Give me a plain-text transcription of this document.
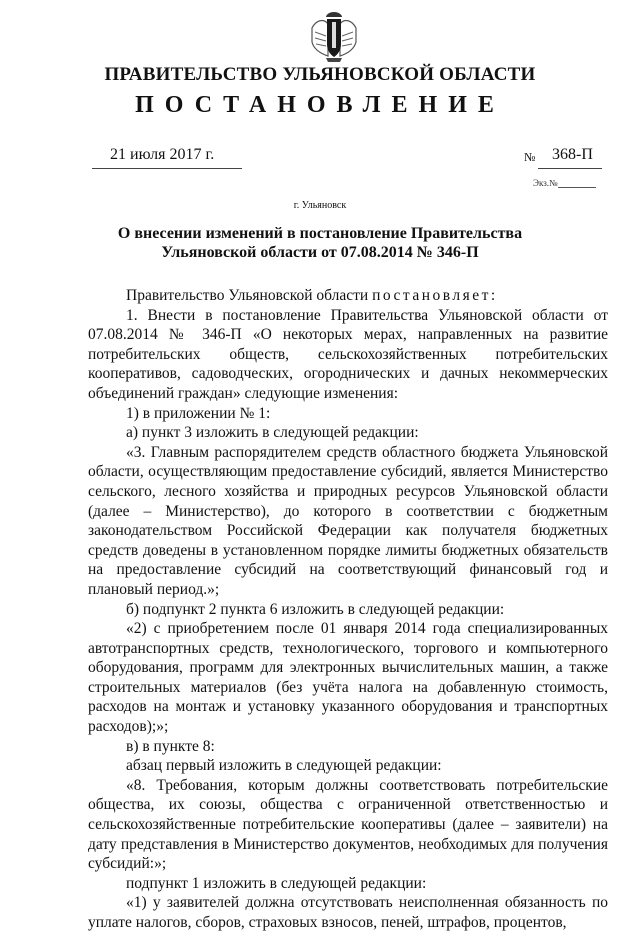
ПРАВИТЕЛЬСТВО УЛЬЯНОВСКОЙ ОБЛАСТИ
ПОСТАНОВЛЕНИЕ
21 июля 2017 г.	№ 368-П
Экз.№
г. Ульяновск
О внесении изменений в постановление Правительства
Ульяновской области от 07.08.2014 № 346-П

Правительство Ульяновской области постановляет:

1. Внести в постановление Правительства Ульяновской области от 07.08.2014 № 346-П «О некоторых мерах, направленных на развитие потребительских обществ, сельскохозяйственных потребительских кооперативов, садоводческих, огороднических и дачных некоммерческих объединений граждан» следующие изменения:

1) в приложении № 1:

а) пункт 3 изложить в следующей редакции:

«3. Главным распорядителем средств областного бюджета Ульяновской области, осуществляющим предоставление субсидий, является Министерство сельского, лесного хозяйства и природных ресурсов Ульяновской области (далее – Министерство), до которого в соответствии с бюджетным законодательством Российской Федерации как получателя бюджетных средств доведены в установленном порядке лимиты бюджетных обязательств на предоставление субсидий на соответствующий финансовый год и плановый период.»;

б) подпункт 2 пункта 6 изложить в следующей редакции:

«2) с приобретением после 01 января 2014 года специализированных автотранспортных средств, технологического, торгового и компьютерного оборудования, программ для электронных вычислительных машин, а также строительных материалов (без учёта налога на добавленную стоимость, расходов на монтаж и установку указанного оборудования и транспортных расходов);»;

в) в пункте 8:

абзац первый изложить в следующей редакции:

«8. Требования, которым должны соответствовать потребительские общества, их союзы, общества с ограниченной ответственностью и сельскохозяйственные потребительские кооперативы (далее – заявители) на дату представления в Министерство документов, необходимых для получения субсидий:»;

подпункт 1 изложить в следующей редакции:

«1) у заявителей должна отсутствовать неисполненная обязанность по уплате налогов, сборов, страховых взносов, пеней, штрафов, процентов,
